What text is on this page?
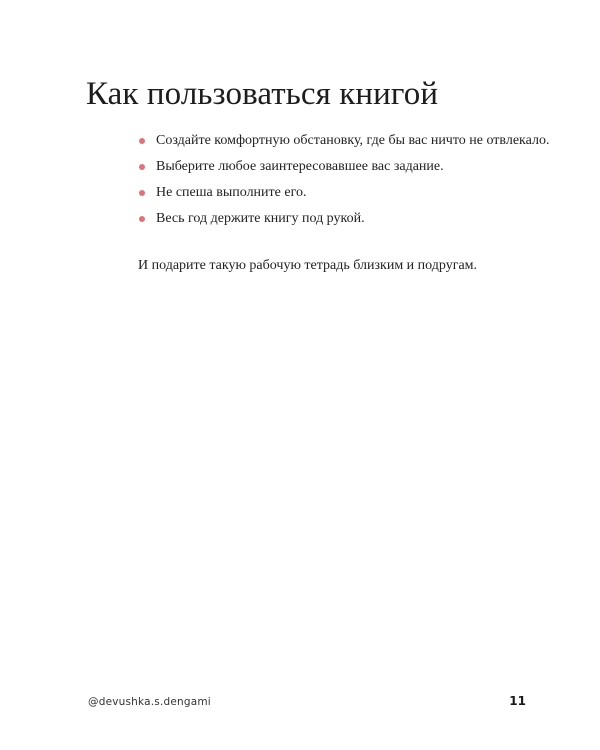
Как пользоваться книгой
Создайте комфортную обстановку, где бы вас ничто не отвлекало.
Выберите любое заинтересовавшее вас задание.
Не спеша выполните его.
Весь год держите книгу под рукой.

И подарите такую рабочую тетрадь близким и подругам.

@devushka.s.dengami	11
